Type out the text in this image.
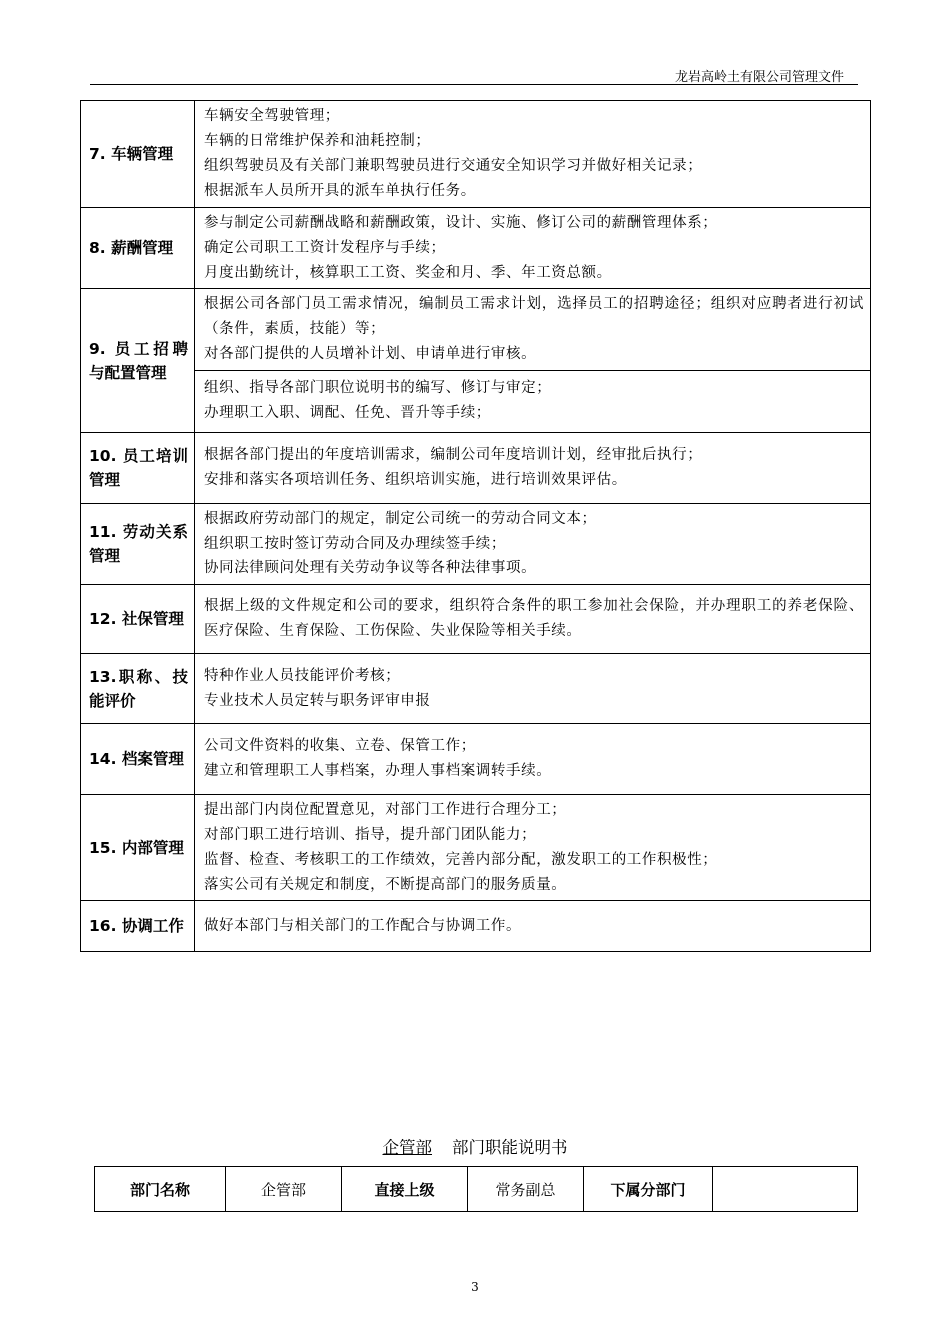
龙岩高岭土有限公司管理文件
7. 车辆管理	车辆安全驾驶管理；
车辆的日常维护保养和油耗控制；
组织驾驶员及有关部门兼职驾驶员进行交通安全知识学习并做好相关记录；
根据派车人员所开具的派车单执行任务。

8. 薪酬管理	参与制定公司薪酬战略和薪酬政策，设计、实施、修订公司的薪酬管理体系；
确定公司职工工资计发程序与手续；
月度出勤统计，核算职工工资、奖金和月、季、年工资总额。

9. 员工招聘与配置管理	根据公司各部门员工需求情况，编制员工需求计划，选择员工的招聘途径；组织对应聘者进行初试（条件，素质，技能）等；
对各部门提供的人员增补计划、申请单进行审核。

	组织、指导各部门职位说明书的编写、修订与审定；
办理职工入职、调配、任免、晋升等手续；

10. 员工培训管理	根据各部门提出的年度培训需求，编制公司年度培训计划，经审批后执行；
安排和落实各项培训任务、组织培训实施，进行培训效果评估。

11. 劳动关系管理	根据政府劳动部门的规定，制定公司统一的劳动合同文本；
组织职工按时签订劳动合同及办理续签手续；
协同法律顾问处理有关劳动争议等各种法律事项。

12. 社保管理	根据上级的文件规定和公司的要求，组织符合条件的职工参加社会保险，并办理职工的养老保险、医疗保险、生育保险、工伤保险、失业保险等相关手续。

13.职称、技能评价	特种作业人员技能评价考核；
专业技术人员定转与职务评审申报

14. 档案管理	公司文件资料的收集、立卷、保管工作；
建立和管理职工人事档案，办理人事档案调转手续。

15. 内部管理	提出部门内岗位配置意见，对部门工作进行合理分工；
对部门职工进行培训、指导，提升部门团队能力；
监督、检查、考核职工的工作绩效，完善内部分配，激发职工的工作积极性；
落实公司有关规定和制度，不断提高部门的服务质量。

16. 协调工作	做好本部门与相关部门的工作配合与协调工作。
企管部 部门职能说明书
部门名称	企管部	直接上级	常务副总	下属分部门	
3
